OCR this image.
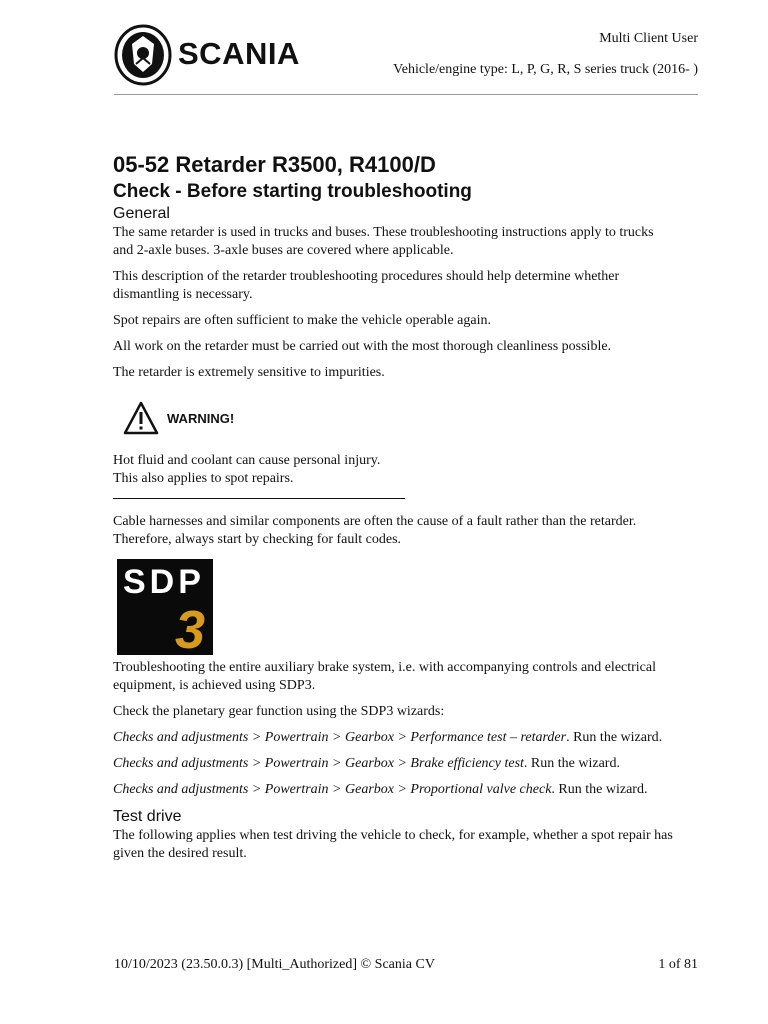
SCANIA	Multi Client User
Vehicle/engine type: L, P, G, R, S series truck (2016- )
05-52 Retarder R3500, R4100/D
Check - Before starting troubleshooting
General

The same retarder is used in trucks and buses. These troubleshooting instructions apply to trucks and 2-axle buses. 3-axle buses are covered where applicable.

This description of the retarder troubleshooting procedures should help determine whether dismantling is necessary.

Spot repairs are often sufficient to make the vehicle operable again.

All work on the retarder must be carried out with the most thorough cleanliness possible.

The retarder is extremely sensitive to impurities.

WARNING!

Hot fluid and coolant can cause personal injury.

This also applies to spot repairs.

Cable harnesses and similar components are often the cause of a fault rather than the retarder. Therefore, always start by checking for fault codes.

SDP
3

Troubleshooting the entire auxiliary brake system, i.e. with accompanying controls and electrical equipment, is achieved using SDP3.

Check the planetary gear function using the SDP3 wizards:

Checks and adjustments > Powertrain > Gearbox > Performance test – retarder. Run the wizard.

Checks and adjustments > Powertrain > Gearbox > Brake efficiency test. Run the wizard.

Checks and adjustments > Powertrain > Gearbox > Proportional valve check. Run the wizard.

Test drive

The following applies when test driving the vehicle to check, for example, whether a spot repair has given the desired result.

10/10/2023 (23.50.0.3) [Multi_Authorized] © Scania CV	1 of 81
